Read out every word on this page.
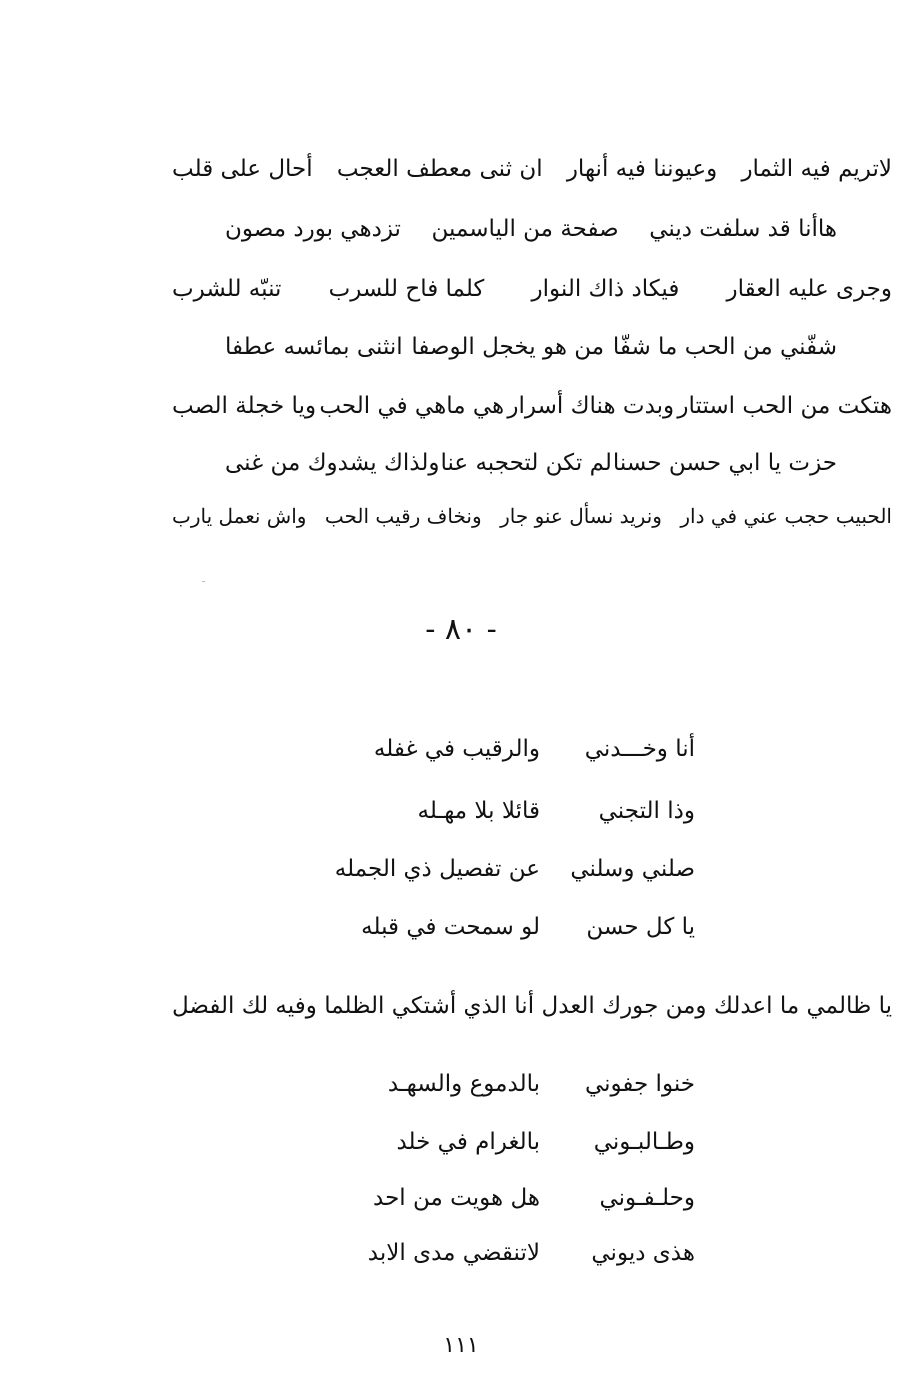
لاتريم فيه الثمار
وعيوننا فيه أنهار
ان ثنى معطف العجب
أحال على قلب
هاأنا قد سلفت ديني
صفحة من الياسمين
تزدهي بورد مصون
وجرى عليه العقار
فيكاد ذاك النوار
كلما فاح للسرب
تنبّه للشرب
شفّني من الحب ما شفّا
من هو يخجل الوصفا
انثنى بمائسه عطفا
هتكت من الحب استتار
وبدت هناك أسرار
هي ماهي في الحب
ويا خجلة الصب
حزت يا ابي حسن حسنا
لم تكن لتحجبه عنا
ولذاك يشدوك من غنى
الحبيب حجب عني في دار
ونريد نسأل عنو جار
ونخاف رقيب الحب
واش نعمل يارب
- ٨٠ -
أنا وخـــدني
والرقيب في غفله
وذا التجني
قائلا بلا مهـله
صلني وسلني
عن تفصيل ذي الجمله
يا كل حسن
لو سمحت في قبله
يا ظالمي ما اعدلك
ومن جورك العدل
أنا الذي أشتكي الظلما
وفيه لك الفضل
خنوا جفوني
بالدموع والسهـد
وطـالبـوني
بالغرام في خلد
وحلـفـوني
هل هويت من احد
هذى ديوني
لاتنقضي مدى الابد
١١١
